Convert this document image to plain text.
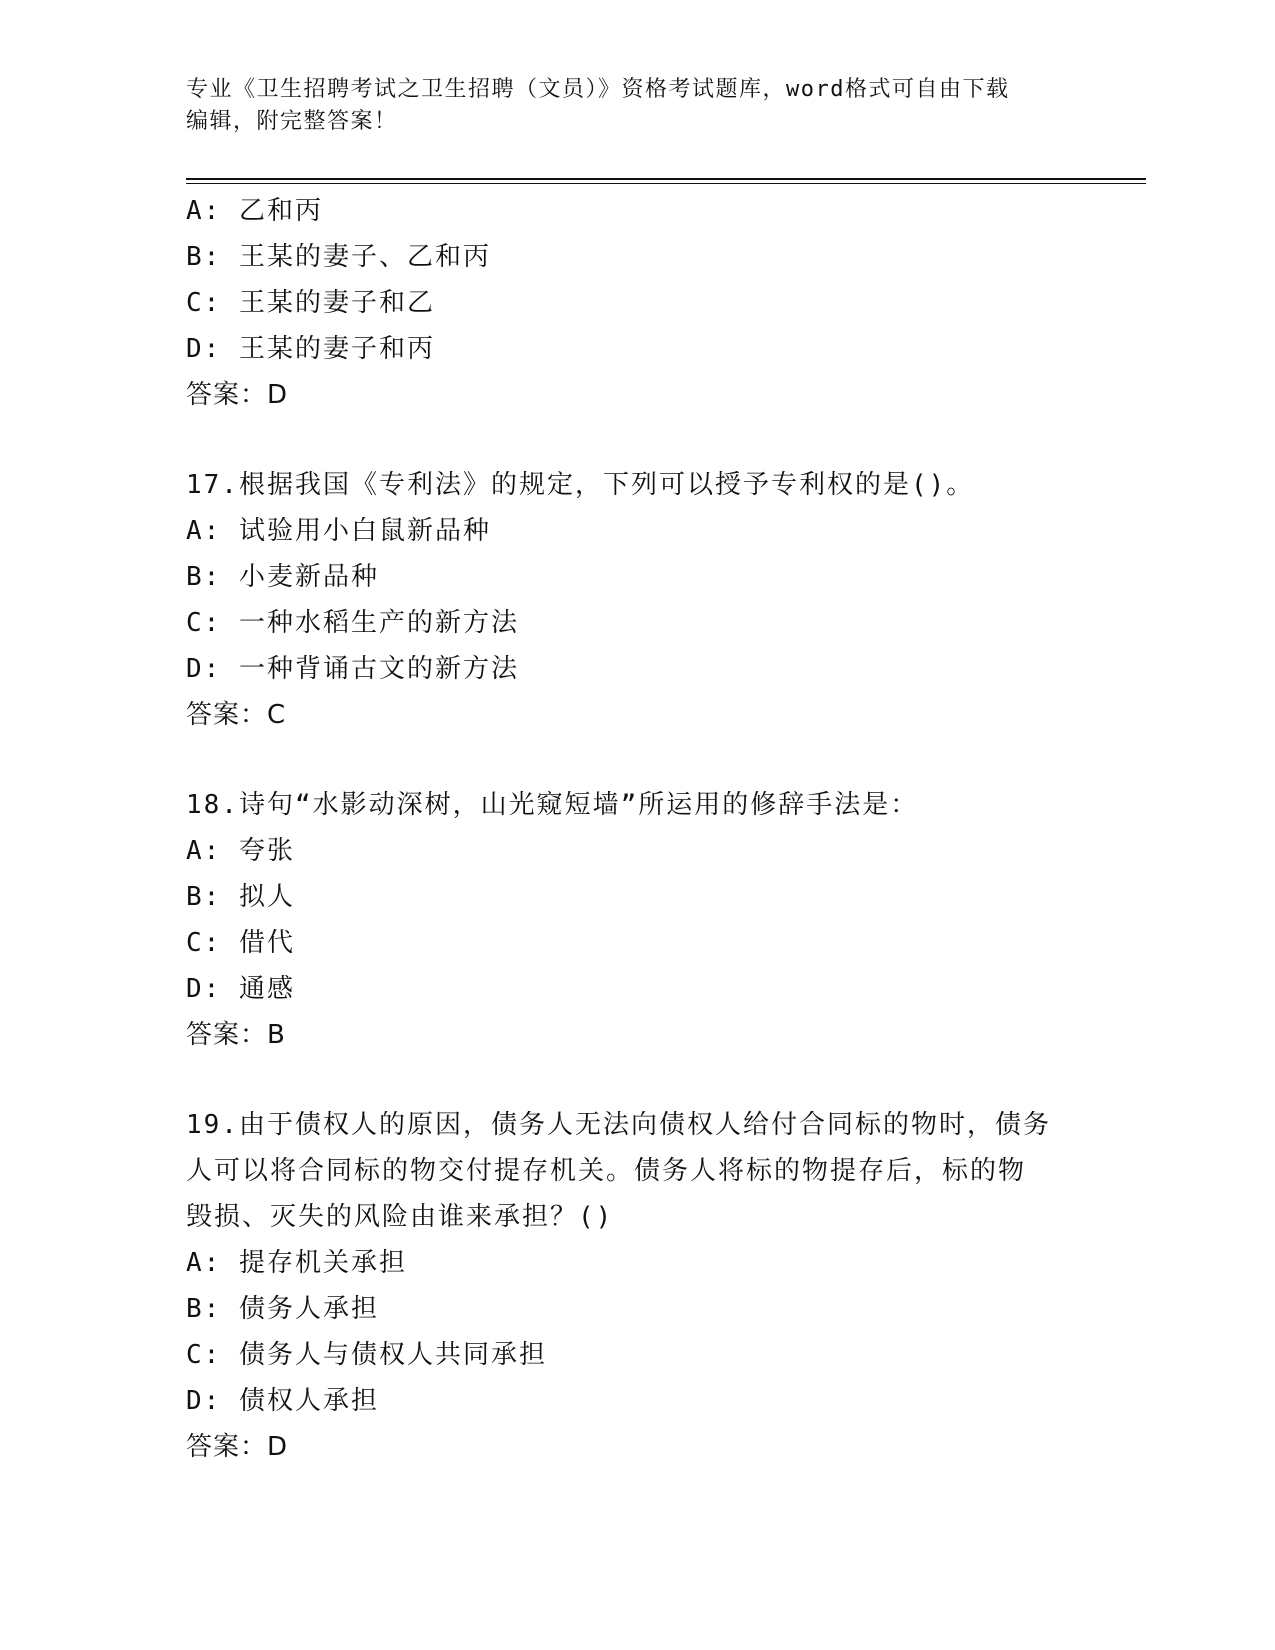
专业《卫生招聘考试之卫生招聘（文员）》资格考试题库，word格式可自由下载
编辑，附完整答案！
A: 乙和丙
B: 王某的妻子、乙和丙
C: 王某的妻子和乙
D: 王某的妻子和丙
答案：D
17.根据我国《专利法》的规定，下列可以授予专利权的是()。
A: 试验用小白鼠新品种
B: 小麦新品种
C: 一种水稻生产的新方法
D: 一种背诵古文的新方法
答案：C
18.诗句“水影动深树，山光窥短墙”所运用的修辞手法是：
A: 夸张
B: 拟人
C: 借代
D: 通感
答案：B
19.由于债权人的原因，债务人无法向债权人给付合同标的物时，债务
人可以将合同标的物交付提存机关。债务人将标的物提存后，标的物
毁损、灭失的风险由谁来承担？()
A: 提存机关承担
B: 债务人承担
C: 债务人与债权人共同承担
D: 债权人承担
答案：D
